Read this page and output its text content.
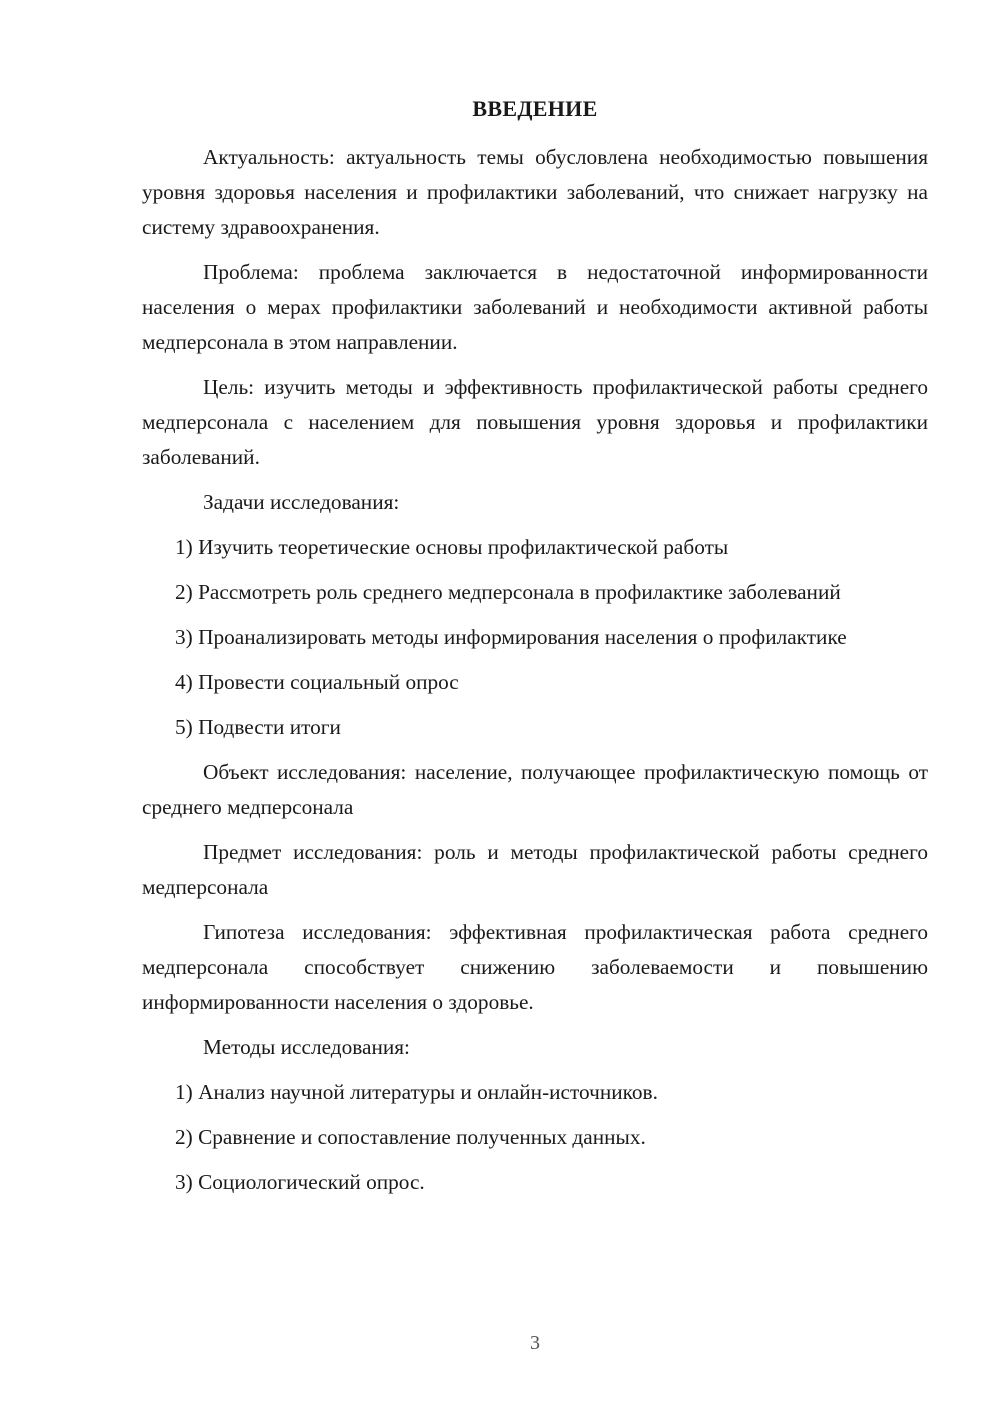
ВВЕДЕНИЕ

Актуальность: актуальность темы обусловлена необходимостью повышения уровня здоровья населения и профилактики заболеваний, что снижает нагрузку на систему здравоохранения.

Проблема: проблема заключается в недостаточной информированности населения о мерах профилактики заболеваний и необходимости активной работы медперсонала в этом направлении.

Цель: изучить методы и эффективность профилактической работы среднего медперсонала с населением для повышения уровня здоровья и профилактики заболеваний.

Задачи исследования:

1) Изучить теоретические основы профилактической работы

2) Рассмотреть роль среднего медперсонала в профилактике заболеваний

3) Проанализировать методы информирования населения о профилактике

4) Провести социальный опрос

5) Подвести итоги

Объект исследования: население, получающее профилактическую помощь от среднего медперсонала

Предмет исследования: роль и методы профилактической работы среднего медперсонала

Гипотеза исследования: эффективная профилактическая работа среднего медперсонала способствует снижению заболеваемости и повышению информированности населения о здоровье.

Методы исследования:

1) Анализ научной литературы и онлайн-источников.

2) Сравнение и сопоставление полученных данных.

3) Социологический опрос.

3
